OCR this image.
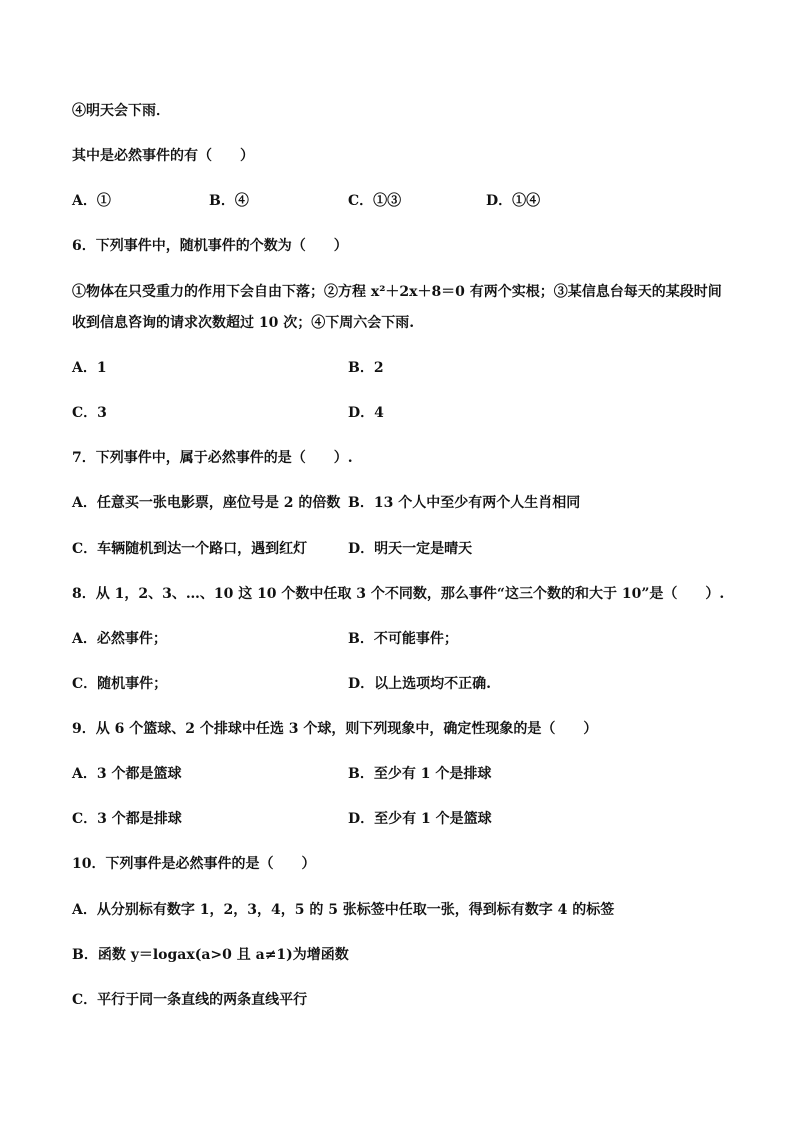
④明天会下雨．
其中是必然事件的有（　　）
A．①	B．④	C．①③	D．①④
6．下列事件中，随机事件的个数为（　　）
①物体在只受重力的作用下会自由下落；②方程 x²＋2x＋8＝0 有两个实根；③某信息台每天的某段时间
收到信息咨询的请求次数超过 10 次；④下周六会下雨.
A．1	B．2
C．3	D．4
7．下列事件中，属于必然事件的是（　　）.
A．任意买一张电影票，座位号是 2 的倍数 B．13 个人中至少有两个人生肖相同
C．车辆随机到达一个路口，遇到红灯	D．明天一定是晴天
8．从 1，2、3、…、10 这 10 个数中任取 3 个不同数，那么事件“这三个数的和大于 10”是（　　）.
A．必然事件；	B．不可能事件；
C．随机事件；	D．以上选项均不正确.
9．从 6 个篮球、2 个排球中任选 3 个球，则下列现象中，确定性现象的是（　　）
A．3 个都是篮球	B．至少有 1 个是排球
C．3 个都是排球	D．至少有 1 个是篮球
10．下列事件是必然事件的是（　　）
A．从分别标有数字 1，2，3，4，5 的 5 张标签中任取一张，得到标有数字 4 的标签
B．函数 y＝logax(a>0 且 a≠1)为增函数
C．平行于同一条直线的两条直线平行
